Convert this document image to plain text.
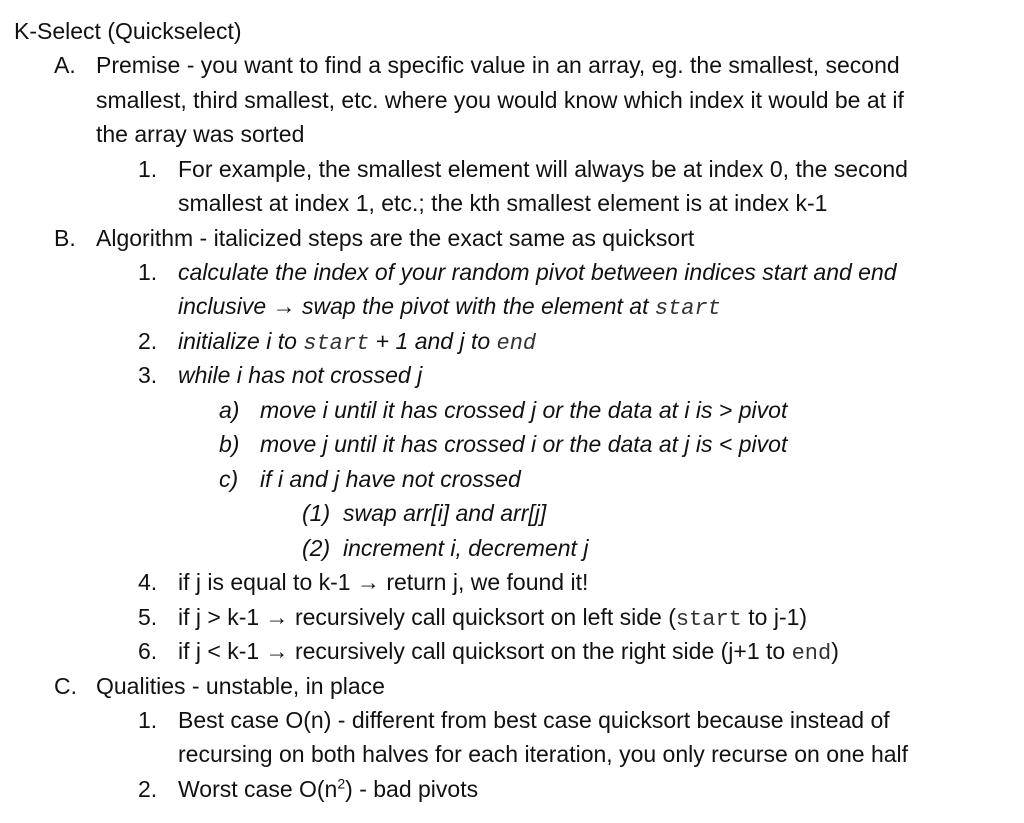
K-Select (Quickselect)
A. Premise - you want to find a specific value in an array, eg. the smallest, second
smallest, third smallest, etc. where you would know which index it would be at if
the array was sorted
1. For example, the smallest element will always be at index 0, the second
smallest at index 1, etc.; the kth smallest element is at index k-1
B. Algorithm - italicized steps are the exact same as quicksort
1. calculate the index of your random pivot between indices start and end
inclusive → swap the pivot with the element at start
2. initialize i to start + 1 and j to end
3. while i has not crossed j
a) move i until it has crossed j or the data at i is > pivot
b) move j until it has crossed i or the data at j is < pivot
c) if i and j have not crossed
(1) swap arr[i] and arr[j]
(2) increment i, decrement j
4. if j is equal to k-1 → return j, we found it!
5. if j > k-1 → recursively call quicksort on left side (start to j-1)
6. if j < k-1 → recursively call quicksort on the right side (j+1 to end)
C. Qualities - unstable, in place
1. Best case O(n) - different from best case quicksort because instead of
recursing on both halves for each iteration, you only recurse on one half
2. Worst case $O(n^2)$ - bad pivots
